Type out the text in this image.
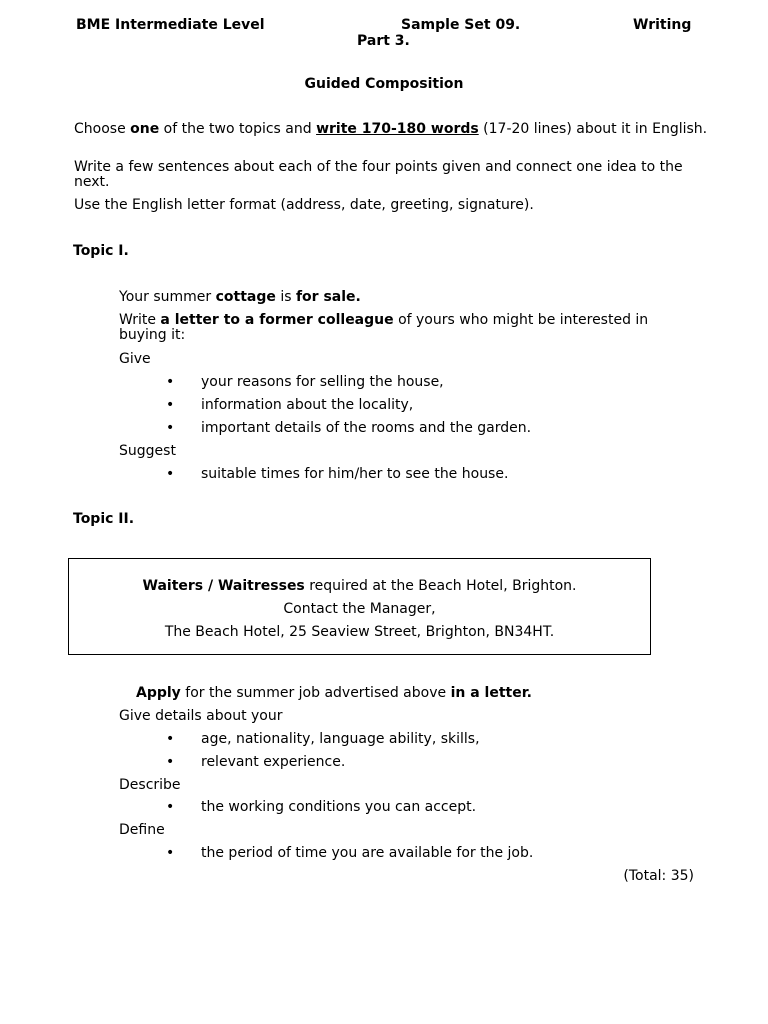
BME Intermediate Level	Sample Set 09.	Writing
Part 3.
Guided Composition
Choose one of the two topics and write 170-180 words (17-20 lines) about it in English.
Write a few sentences about each of the four points given and connect one idea to the next.
Use the English letter format (address, date, greeting, signature).
Topic I.
Your summer cottage is for sale.
Write a letter to a former colleague of yours who might be interested in buying it:
Give
• your reasons for selling the house,
• information about the locality,
• important details of the rooms and the garden.
Suggest
• suitable times for him/her to see the house.
Topic II.
Waiters / Waitresses required at the Beach Hotel, Brighton.
Contact the Manager,
The Beach Hotel, 25 Seaview Street, Brighton, BN34HT.
Apply for the summer job advertised above in a letter.
Give details about your
• age, nationality, language ability, skills,
• relevant experience.
Describe
• the working conditions you can accept.
Define
• the period of time you are available for the job.
(Total: 35)
